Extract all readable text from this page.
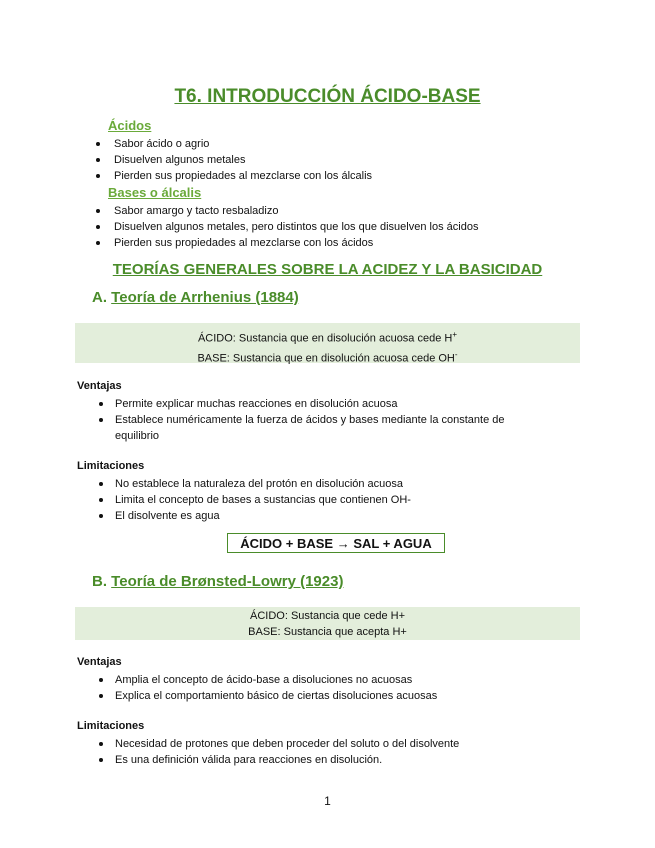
T6. INTRODUCCIÓN ÁCIDO-BASE
Ácidos
Sabor ácido o agrio
Disuelven algunos metales
Pierden sus propiedades al mezclarse con los álcalis
Bases o álcalis
Sabor amargo y tacto resbaladizo
Disuelven algunos metales, pero distintos que los que disuelven los ácidos
Pierden sus propiedades al mezclarse con los ácidos
TEORÍAS GENERALES SOBRE LA ACIDEZ Y LA BASICIDAD
A. Teoría de Arrhenius (1884)
ÁCIDO: Sustancia que en disolución acuosa cede H+
BASE: Sustancia que en disolución acuosa cede OH-
Ventajas
Permite explicar muchas reacciones en disolución acuosa
Establece numéricamente la fuerza de ácidos y bases mediante la constante de equilibrio
Limitaciones
No establece la naturaleza del protón en disolución acuosa
Limita el concepto de bases a sustancias que contienen OH-
El disolvente es agua
ÁCIDO + BASE → SAL + AGUA
B. Teoría de Brønsted-Lowry (1923)
ÁCIDO: Sustancia que cede H+
BASE: Sustancia que acepta H+
Ventajas
Amplia el concepto de ácido-base a disoluciones no acuosas
Explica el comportamiento básico de ciertas disoluciones acuosas
Limitaciones
Necesidad de protones que deben proceder del soluto o del disolvente
Es una definición válida para reacciones en disolución.
1
